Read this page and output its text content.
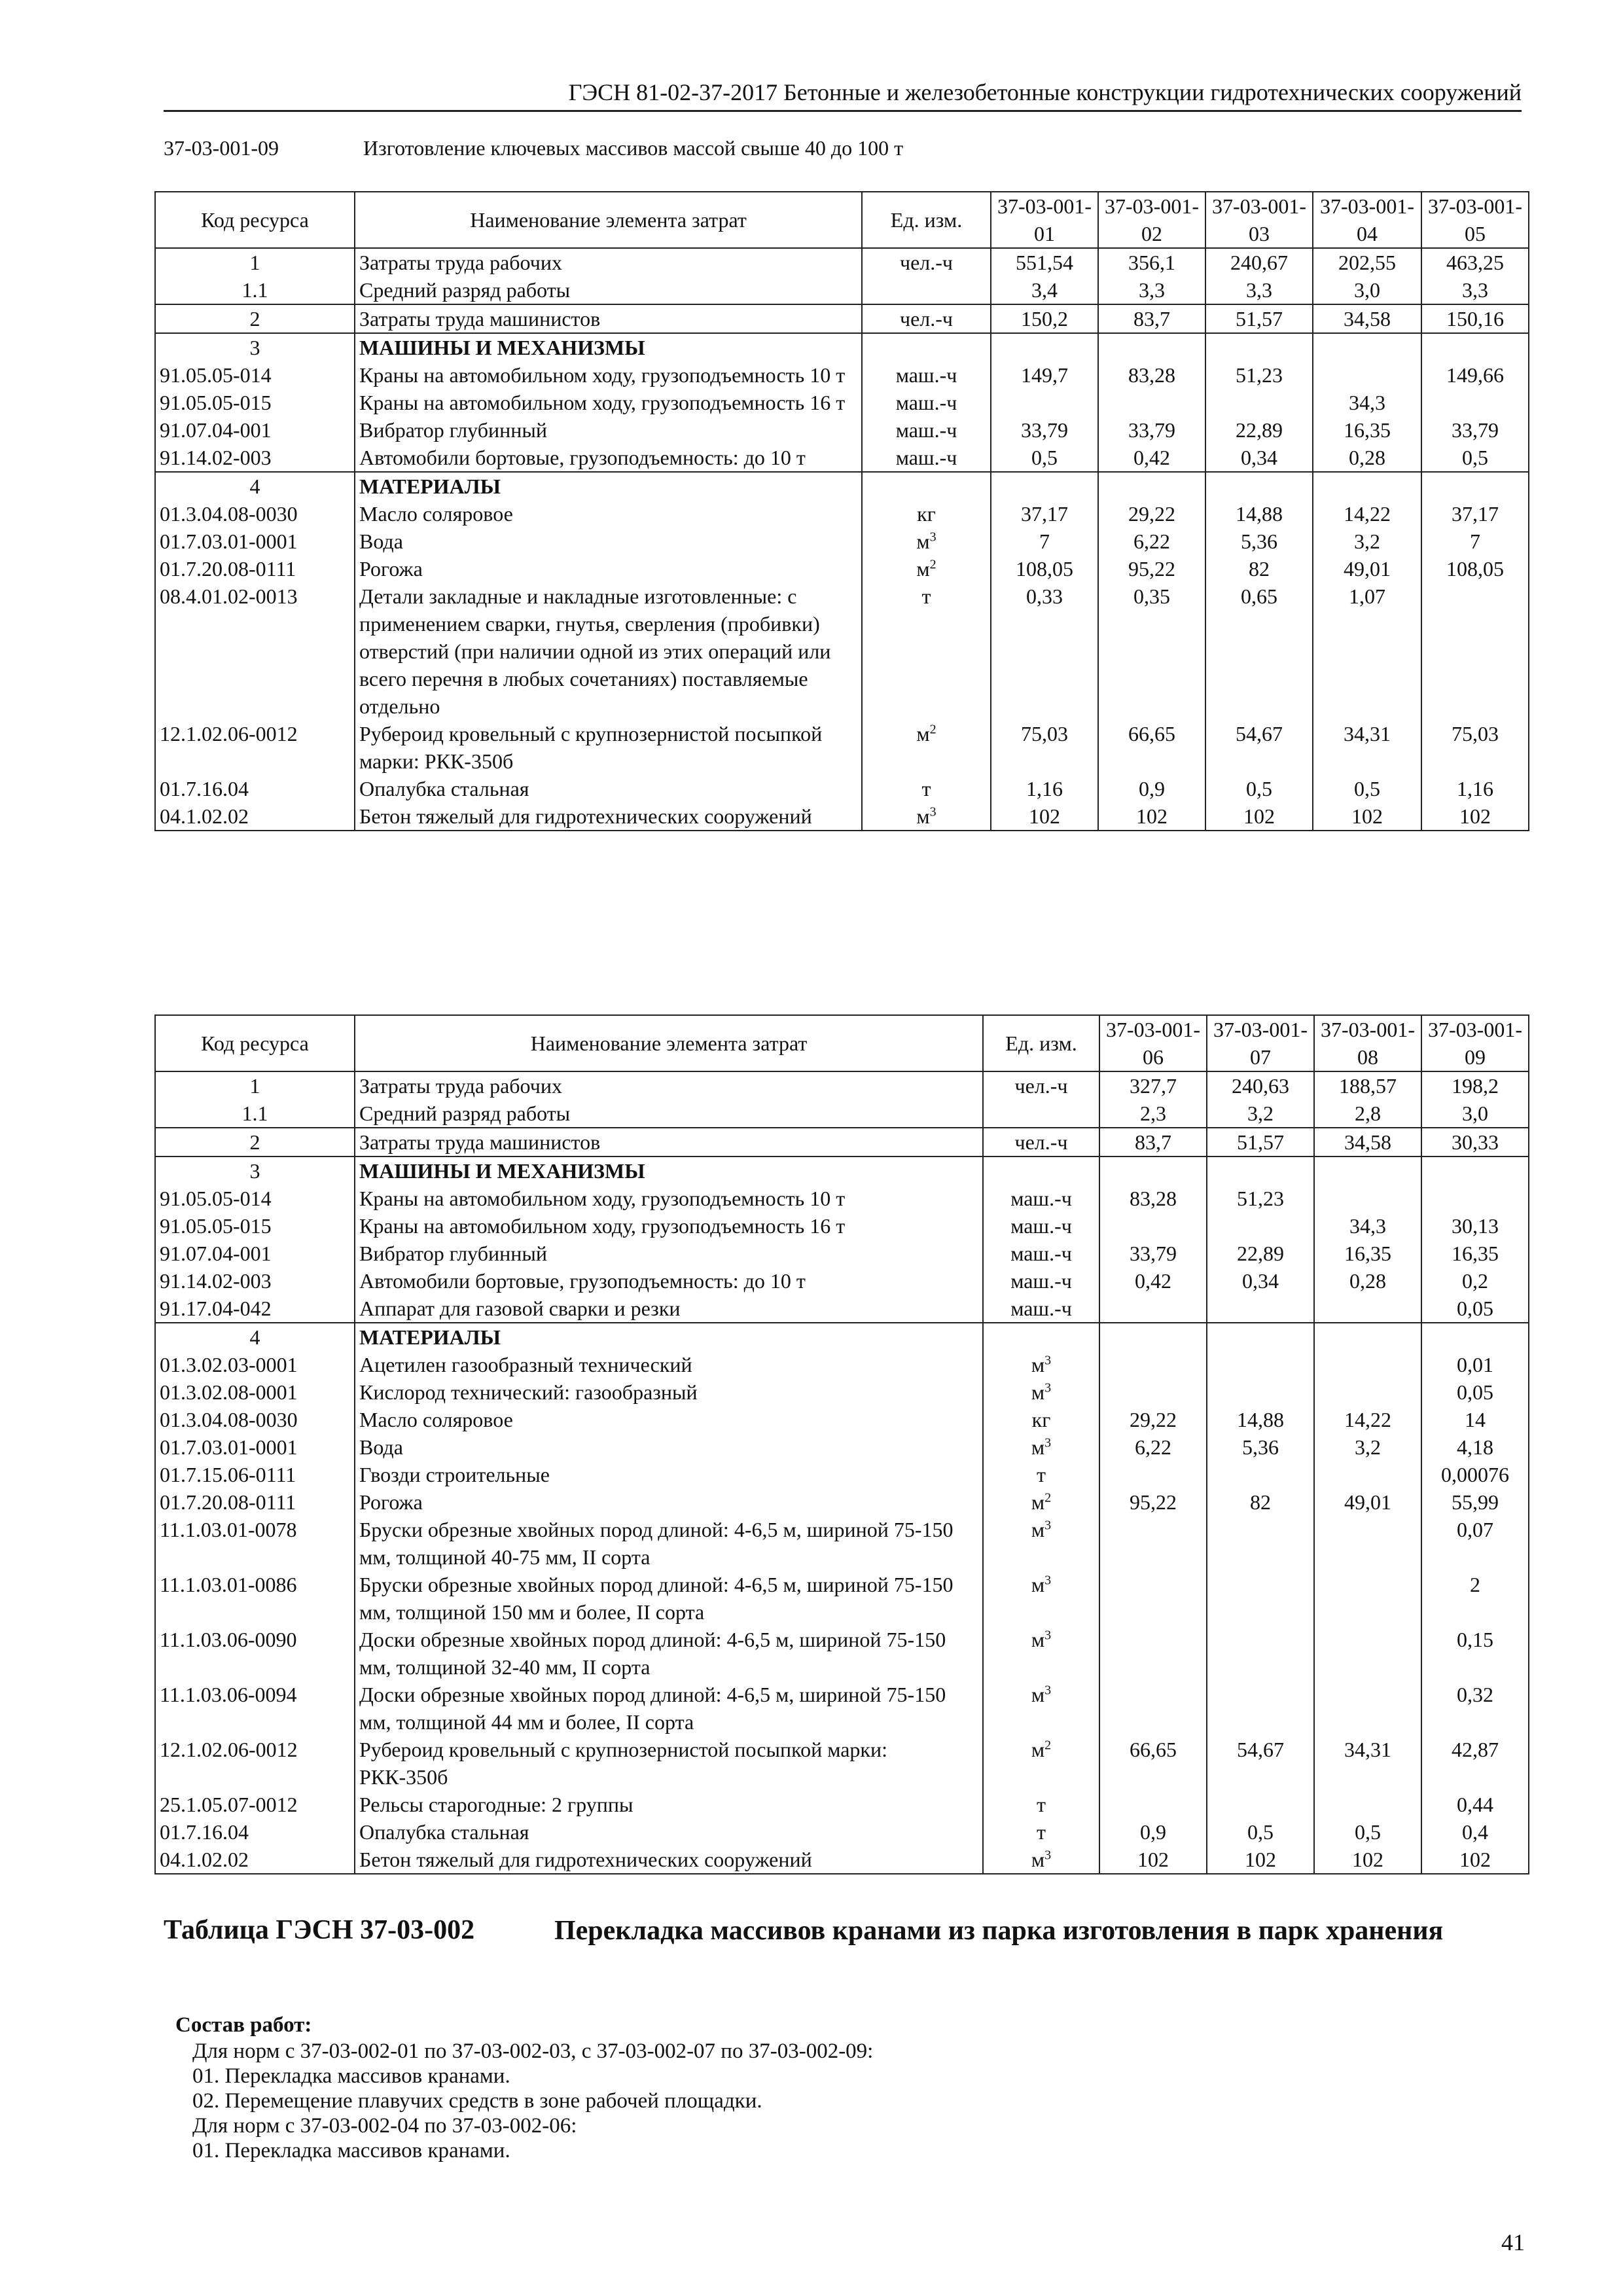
ГЭСН 81-02-37-2017 Бетонные и железобетонные конструкции гидротехнических сооружений
37-03-001-09	Изготовление ключевых массивов массой свыше 40 до 100 т
Код ресурса	Наименование элемента затрат	Ед. изм.	37-03-001-01	37-03-001-02	37-03-001-03	37-03-001-04	37-03-001-05
1	Затраты труда рабочих	чел.-ч	551,54	356,1	240,67	202,55	463,25
1.1	Средний разряд работы		3,4	3,3	3,3	3,0	3,3
2	Затраты труда машинистов	чел.-ч	150,2	83,7	51,57	34,58	150,16
3	МАШИНЫ И МЕХАНИЗМЫ						
91.05.05-014	Краны на автомобильном ходу, грузоподъемность 10 т	маш.-ч	149,7	83,28	51,23		149,66
91.05.05-015	Краны на автомобильном ходу, грузоподъемность 16 т	маш.-ч				34,3	
91.07.04-001	Вибратор глубинный	маш.-ч	33,79	33,79	22,89	16,35	33,79
91.14.02-003	Автомобили бортовые, грузоподъемность: до 10 т	маш.-ч	0,5	0,42	0,34	0,28	0,5
4	МАТЕРИАЛЫ						
01.3.04.08-0030	Масло соляровое	кг	37,17	29,22	14,88	14,22	37,17
01.7.03.01-0001	Вода	$м^3$	7	6,22	5,36	3,2	7
01.7.20.08-0111	Рогожа	$м^2$	108,05	95,22	82	49,01	108,05
08.4.01.02-0013	Детали закладные и накладные изготовленные: с применением сварки, гнутья, сверления (пробивки) отверстий (при наличии одной из этих операций или всего перечня в любых сочетаниях) поставляемые отдельно	т	0,33	0,35	0,65	1,07	
12.1.02.06-0012	Рубероид кровельный с крупнозернистой посыпкой марки: РКК-350б	$м^2$	75,03	66,65	54,67	34,31	75,03
01.7.16.04	Опалубка стальная	т	1,16	0,9	0,5	0,5	1,16
04.1.02.02	Бетон тяжелый для гидротехнических сооружений	$м^3$	102	102	102	102	102
Код ресурса	Наименование элемента затрат	Ед. изм.	37-03-001-06	37-03-001-07	37-03-001-08	37-03-001-09
1	Затраты труда рабочих	чел.-ч	327,7	240,63	188,57	198,2
1.1	Средний разряд работы		2,3	3,2	2,8	3,0
2	Затраты труда машинистов	чел.-ч	83,7	51,57	34,58	30,33
3	МАШИНЫ И МЕХАНИЗМЫ					
91.05.05-014	Краны на автомобильном ходу, грузоподъемность 10 т	маш.-ч	83,28	51,23		
91.05.05-015	Краны на автомобильном ходу, грузоподъемность 16 т	маш.-ч			34,3	30,13
91.07.04-001	Вибратор глубинный	маш.-ч	33,79	22,89	16,35	16,35
91.14.02-003	Автомобили бортовые, грузоподъемность: до 10 т	маш.-ч	0,42	0,34	0,28	0,2
91.17.04-042	Аппарат для газовой сварки и резки	маш.-ч				0,05
4	МАТЕРИАЛЫ					
01.3.02.03-0001	Ацетилен газообразный технический	$м^3$				0,01
01.3.02.08-0001	Кислород технический: газообразный	$м^3$				0,05
01.3.04.08-0030	Масло соляровое	кг	29,22	14,88	14,22	14
01.7.03.01-0001	Вода	$м^3$	6,22	5,36	3,2	4,18
01.7.15.06-0111	Гвозди строительные	т				0,00076
01.7.20.08-0111	Рогожа	$м^2$	95,22	82	49,01	55,99
11.1.03.01-0078	Бруски обрезные хвойных пород длиной: 4-6,5 м, шириной 75-150 мм, толщиной 40-75 мм, II сорта	$м^3$				0,07
11.1.03.01-0086	Бруски обрезные хвойных пород длиной: 4-6,5 м, шириной 75-150 мм, толщиной 150 мм и более, II сорта	$м^3$				2
11.1.03.06-0090	Доски обрезные хвойных пород длиной: 4-6,5 м, шириной 75-150 мм, толщиной 32-40 мм, II сорта	$м^3$				0,15
11.1.03.06-0094	Доски обрезные хвойных пород длиной: 4-6,5 м, шириной 75-150 мм, толщиной 44 мм и более, II сорта	$м^3$				0,32
12.1.02.06-0012	Рубероид кровельный с крупнозернистой посыпкой марки: РКК-350б	$м^2$	66,65	54,67	34,31	42,87
25.1.05.07-0012	Рельсы старогодные: 2 группы	т				0,44
01.7.16.04	Опалубка стальная	т	0,9	0,5	0,5	0,4
04.1.02.02	Бетон тяжелый для гидротехнических сооружений	$м^3$	102	102	102	102
Таблица ГЭСН 37-03-002	Перекладка массивов кранами из парка изготовления в парк хранения
Состав работ:
Для норм с 37-03-002-01 по 37-03-002-03, с 37-03-002-07 по 37-03-002-09:
01. Перекладка массивов кранами.
02. Перемещение плавучих средств в зоне рабочей площадки.
Для норм с 37-03-002-04 по 37-03-002-06:
01. Перекладка массивов кранами.
41
